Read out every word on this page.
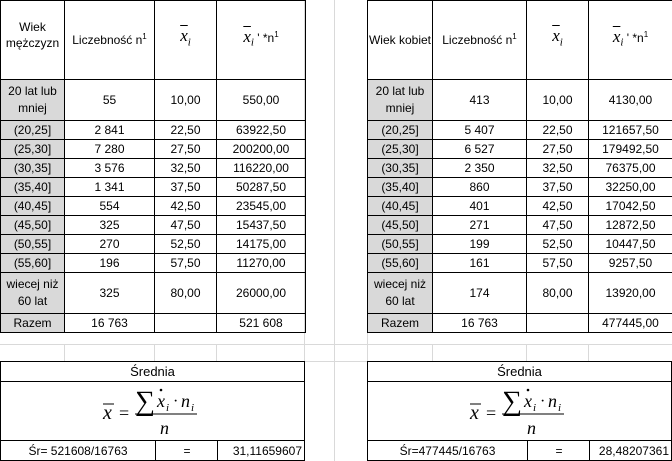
Wiek mężczyzn	Liczebność $n^1$	$\overline{x}_i$	$\overline{x}_i$ ' $*n^1$
20 lat lub mniej	55	10,00	550,00
(20,25]	2 841	22,50	63922,50
(25,30]	7 280	27,50	200200,00
(30,35]	3 576	32,50	116220,00
(35,40]	1 341	37,50	50287,50
(40,45]	554	42,50	23545,00
(45,50]	325	47,50	15437,50
(50,55]	270	52,50	14175,00
(55,60]	196	57,50	11270,00
wiecej niż 60 lat	325	80,00	26000,00
Razem	16 763		521 608
Wiek kobiet	Liczebność $n^1$	$\overline{x}_i$	$\overline{x}_i$ ' $*n^1$
20 lat lub mniej	413	10,00	4130,00
(20,25]	5 407	22,50	121657,50
(25,30]	6 527	27,50	179492,50
(30,35]	2 350	32,50	76375,00
(35,40]	860	37,50	32250,00
(40,45]	401	42,50	17042,50
(45,50]	271	47,50	12872,50
(50,55]	199	52,50	10447,50
(55,60]	161	57,50	9257,50
wiecej niż 60 lat	174	80,00	13920,00
Razem	16 763		477445,00
Średnia
x = ∑ x i · n i
n
Śr= 521608/16763	=	31,11659607
Średnia
x = ∑ x i · n i
n
Śr=477445/16763	=	28,48207361
